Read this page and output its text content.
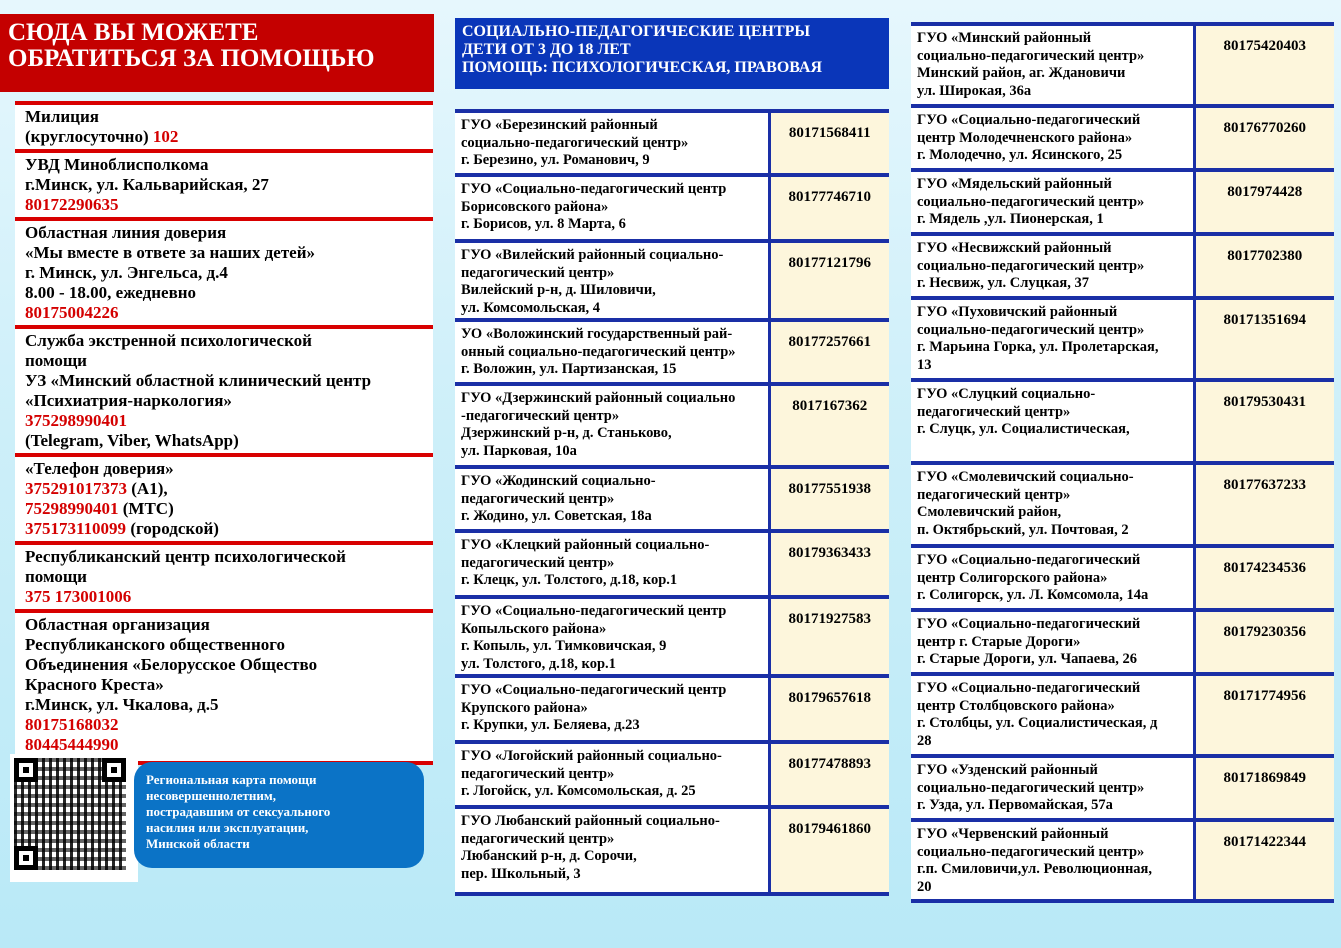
СЮДА ВЫ МОЖЕТЕ
ОБРАТИТЬСЯ ЗА ПОМОЩЬЮ
Милиция
(круглосуточно) 102
УВД Миноблисполкома
г.Минск, ул. Кальварийская, 27
80172290635
Областная линия доверия
«Мы вместе в ответе за наших детей»
г. Минск, ул. Энгельса, д.4
8.00 - 18.00, ежедневно
80175004226
Служба экстренной психологической
помощи
УЗ «Минский областной клинический центр
«Психиатрия-наркология»
375298990401
(Telegram, Viber, WhatsApp)
«Телефон доверия»
375291017373 (А1),
75298990401 (МТС)
375173110099 (городской)
Республиканский центр психологической
помощи
375 173001006
Областная организация
Республиканского общественного
Объединения «Белорусское Общество
Красного Креста»
г.Минск, ул. Чкалова, д.5
80175168032
80445444990
Региональная карта помощи
несовершеннолетним,
пострадавшим от сексуального
насилия или эксплуатации,
Минской области
СОЦИАЛЬНО-ПЕДАГОГИЧЕСКИЕ ЦЕНТРЫ
ДЕТИ ОТ 3 ДО 18 ЛЕТ
ПОМОЩЬ: ПСИХОЛОГИЧЕСКАЯ, ПРАВОВАЯ
ГУО «Березинский районный
социально-педагогический центр»
г. Березино, ул. Романович, 9	80171568411

ГУО «Социально-педагогический центр
Борисовского района»
г. Борисов, ул. 8 Марта, 6	80177746710

ГУО «Вилейский районный социально-
педагогический центр»
Вилейский р-н, д. Шиловичи,
ул. Комсомольская, 4	80177121796

УО «Воложинский государственный рай-
онный социально-педагогический центр»
г. Воложин, ул. Партизанская, 15	80177257661

ГУО «Дзержинский районный социально
-педагогический центр»
Дзержинский р-н, д. Станьково,
ул. Парковая, 10а	8017167362

ГУО «Жодинский социально-
педагогический центр»
г. Жодино, ул. Советская, 18а	80177551938

ГУО «Клецкий районный социально-
педагогический центр»
г. Клецк, ул. Толстого, д.18, кор.1	80179363433

ГУО «Социально-педагогический центр
Копыльского района»
г. Копыль, ул. Тимковичская, 9
ул. Толстого, д.18, кор.1	80171927583

ГУО «Социально-педагогический центр
Крупского района»
г. Крупки, ул. Беляева, д.23	80179657618

ГУО «Логойский районный социально-
педагогический центр»
г. Логойск, ул. Комсомольская, д. 25	80177478893

ГУО Любанский районный социально-
педагогический центр»
Любанский р-н, д. Сорочи,
пер. Школьный, 3	80179461860
ГУО «Минский районный
социально-педагогический центр»
Минский район, аг. Ждановичи
ул. Широкая, 36а	80175420403

ГУО «Социально-педагогический
центр Молодечненского района»
г. Молодечно, ул. Ясинского, 25	80176770260

ГУО «Мядельский районный
социально-педагогический центр»
г. Мядель ,ул. Пионерская, 1	8017974428

ГУО «Несвижский районный
социально-педагогический центр»
г. Несвиж, ул. Слуцкая, 37	8017702380

ГУО «Пуховичский районный
социально-педагогический центр»
г. Марьина Горка, ул. Пролетарская,
13	80171351694

ГУО «Слуцкий социально-
педагогический центр»
г. Слуцк, ул. Социалистическая,	80179530431

ГУО «Смолевичский социально-
педагогический центр»
Смолевичский район,
п. Октябрьский, ул. Почтовая, 2	80177637233

ГУО «Социально-педагогический
центр Солигорского района»
г. Солигорск, ул. Л. Комсомола, 14а	80174234536

ГУО «Социально-педагогический
центр г. Старые Дороги»
г. Старые Дороги, ул. Чапаева, 26	80179230356

ГУО «Социально-педагогический
центр Столбцовского района»
г. Столбцы, ул. Социалистическая, д
28	80171774956

ГУО «Узденский районный
социально-педагогический центр»
г. Узда, ул. Первомайская, 57а	80171869849

ГУО «Червенский районный
социально-педагогический центр»
г.п. Смиловичи,ул. Революционная,
20	80171422344
